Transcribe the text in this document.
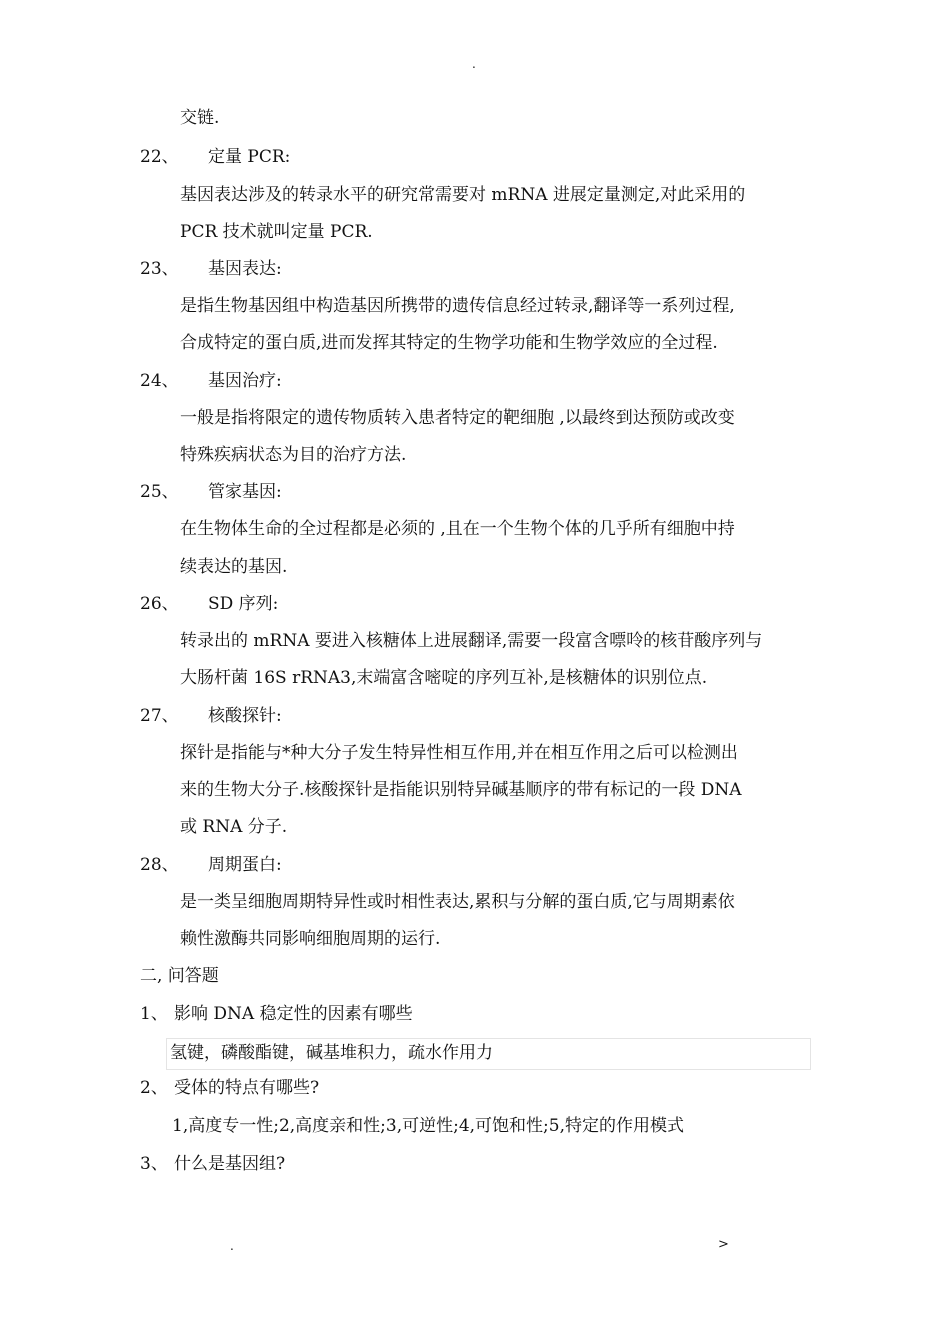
.
交链.
22、 定量 PCR:
基因表达涉及的转录水平的研究常需要对 mRNA 进展定量测定,对此采用的
PCR 技术就叫定量 PCR.
23、 基因表达:
是指生物基因组中构造基因所携带的遗传信息经过转录,翻译等一系列过程,
合成特定的蛋白质,进而发挥其特定的生物学功能和生物学效应的全过程.
24、 基因治疗:
一般是指将限定的遗传物质转入患者特定的靶细胞 ,以最终到达预防或改变
特殊疾病状态为目的治疗方法.
25、 管家基因:
在生物体生命的全过程都是必须的 ,且在一个生物个体的几乎所有细胞中持
续表达的基因.
26、 SD 序列:
转录出的 mRNA 要进入核糖体上进展翻译,需要一段富含嘌呤的核苷酸序列与
大肠杆菌 16S rRNA3,末端富含嘧啶的序列互补,是核糖体的识别位点.
27、 核酸探针:
探针是指能与*种大分子发生特异性相互作用,并在相互作用之后可以检测出
来的生物大分子.核酸探针是指能识别特异碱基顺序的带有标记的一段 DNA
或 RNA 分子.
28、 周期蛋白:
是一类呈细胞周期特异性或时相性表达,累积与分解的蛋白质,它与周期素依
赖性激酶共同影响细胞周期的运行.
二, 问答题
1、 影响 DNA 稳定性的因素有哪些
氢键，磷酸酯键，碱基堆积力，疏水作用力
2、 受体的特点有哪些?
1,高度专一性;2,高度亲和性;3,可逆性;4,可饱和性;5,特定的作用模式
3、 什么是基因组?
.	>
